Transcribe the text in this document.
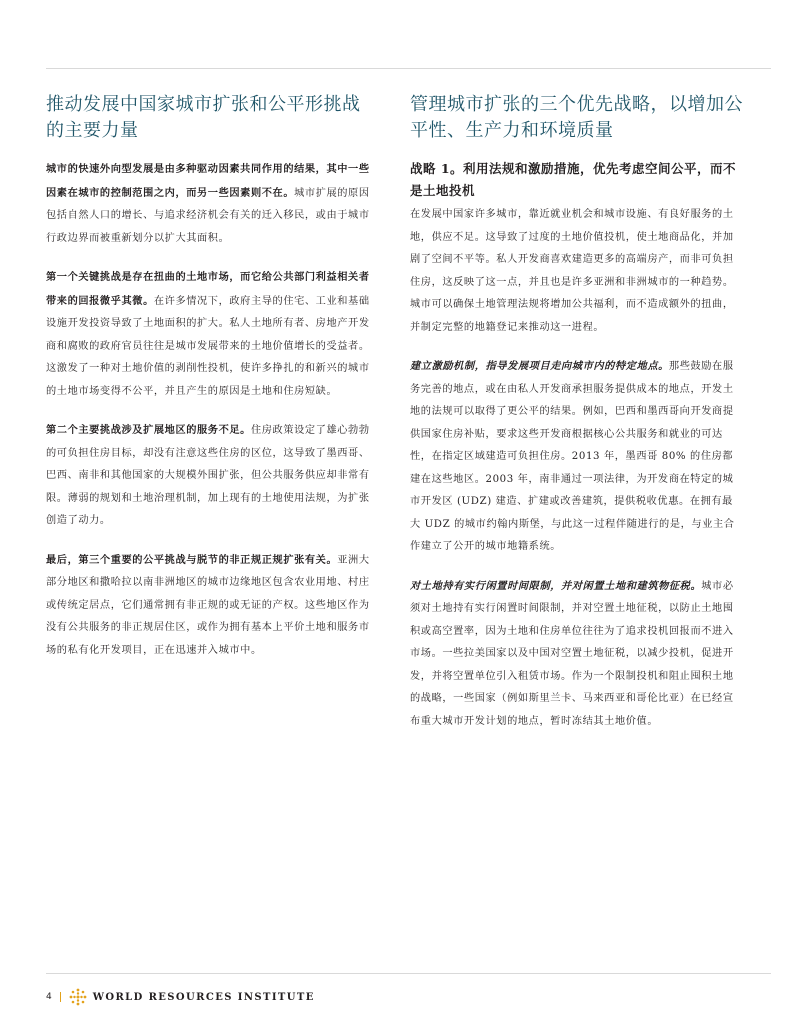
推动发展中国家城市扩张和公平形挑战的主要力量

城市的快速外向型发展是由多种驱动因素共同作用的结果，其中一些因素在城市的控制范围之内，而另一些因素则不在。城市扩展的原因包括自然人口的增长、与追求经济机会有关的迁入移民，或由于城市行政边界而被重新划分以扩大其面积。

第一个关键挑战是存在扭曲的土地市场，而它给公共部门利益相关者带来的回报微乎其微。在许多情况下，政府主导的住宅、工业和基础设施开发投资导致了土地面积的扩大。私人土地所有者、房地产开发商和腐败的政府官员往往是城市发展带来的土地价值增长的受益者。这激发了一种对土地价值的剥削性投机，使许多挣扎的和新兴的城市的土地市场变得不公平，并且产生的原因是土地和住房短缺。

第二个主要挑战涉及扩展地区的服务不足。住房政策设定了雄心勃勃的可负担住房目标，却没有注意这些住房的区位，这导致了墨西哥、巴西、南非和其他国家的大规模外围扩张，但公共服务供应却非常有限。薄弱的规划和土地治理机制，加上现有的土地使用法规，为扩张创造了动力。

最后，第三个重要的公平挑战与脱节的非正规正规扩张有关。亚洲大部分地区和撒哈拉以南非洲地区的城市边缘地区包含农业用地、村庄或传统定居点，它们通常拥有非正规的或无证的产权。这些地区作为没有公共服务的非正规居住区，或作为拥有基本上平价土地和服务市场的私有化开发项目，正在迅速并入城市中。

管理城市扩张的三个优先战略，以增加公平性、生产力和环境质量
战略 1。利用法规和激励措施，优先考虑空间公平，而不是土地投机

在发展中国家许多城市，靠近就业机会和城市设施、有良好服务的土地，供应不足。这导致了过度的土地价值投机，使土地商品化，并加剧了空间不平等。私人开发商喜欢建造更多的高端房产，而非可负担住房，这反映了这一点，并且也是许多亚洲和非洲城市的一种趋势。城市可以确保土地管理法规将增加公共福利，而不造成额外的扭曲，并制定完整的地籍登记来推动这一进程。

建立激励机制，指导发展项目走向城市内的特定地点。那些鼓励在服务完善的地点，或在由私人开发商承担服务提供成本的地点，开发土地的法规可以取得了更公平的结果。例如，巴西和墨西哥向开发商提供国家住房补贴，要求这些开发商根据核心公共服务和就业的可达性，在指定区域建造可负担住房。2013 年，墨西哥 80% 的住房都建在这些地区。2003 年，南非通过一项法律，为开发商在特定的城市开发区 (UDZ) 建造、扩建或改善建筑，提供税收优惠。在拥有最大 UDZ 的城市约翰内斯堡，与此这一过程伴随进行的是，与业主合作建立了公开的城市地籍系统。

对土地持有实行闲置时间限制，并对闲置土地和建筑物征税。城市必须对土地持有实行闲置时间限制，并对空置土地征税，以防止土地囤积或高空置率，因为土地和住房单位往往为了追求投机回报而不进入市场。一些拉美国家以及中国对空置土地征税，以减少投机，促进开发，并将空置单位引入租赁市场。作为一个限制投机和阻止囤积土地的战略，一些国家（例如斯里兰卡、马来西亚和哥伦比亚）在已经宣布重大城市开发计划的地点，暂时冻结其土地价值。

4	WORLD RESOURCES INSTITUTE
